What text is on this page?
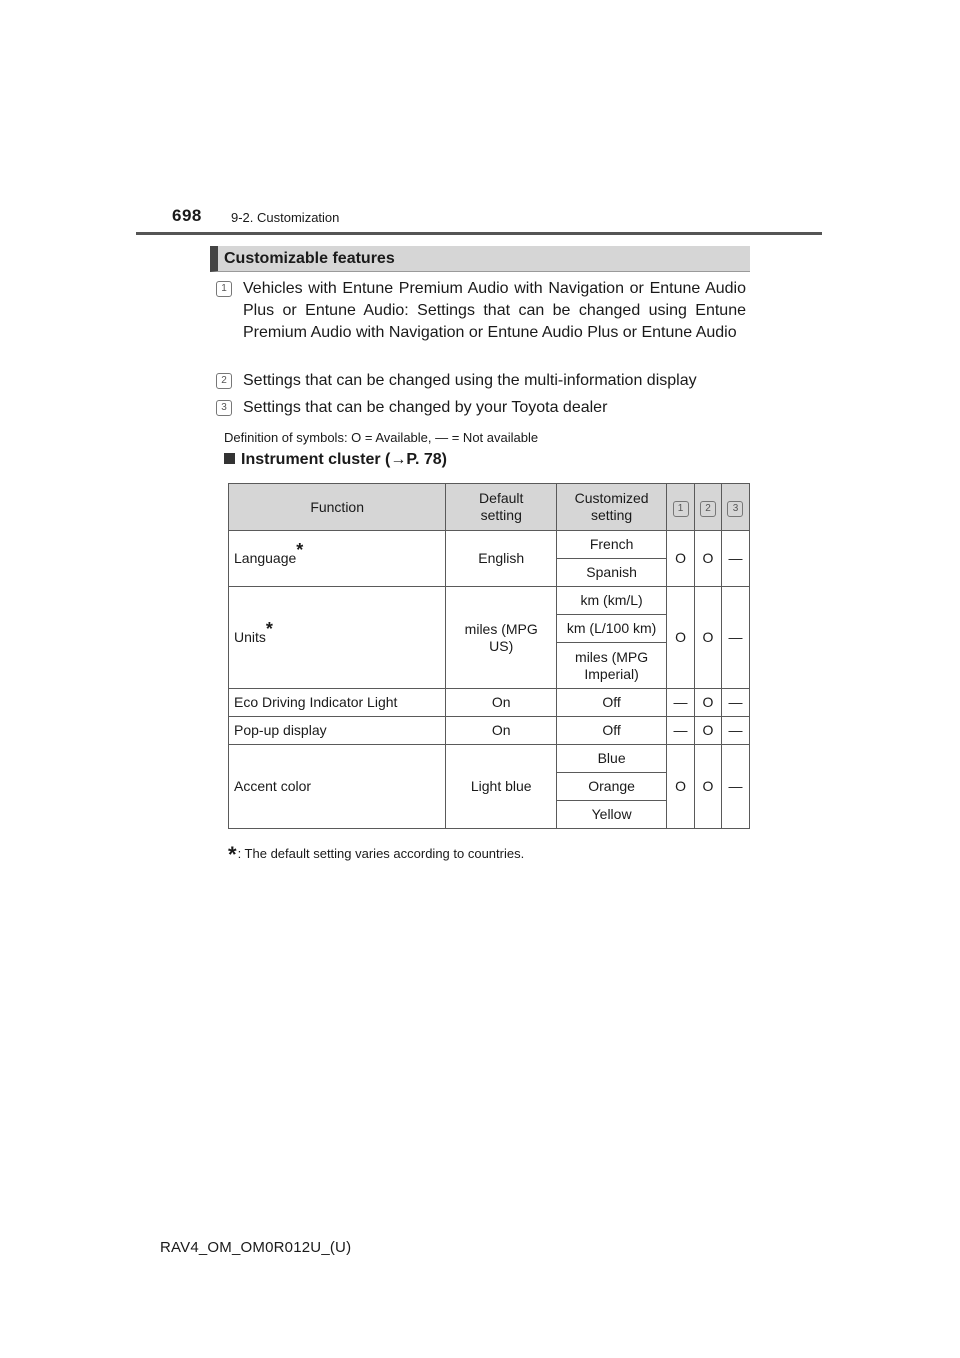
698 9-2. Customization
Customizable features
1	Vehicles with Entune Premium Audio with Navigation or Entune Audio Plus or Entune Audio: Settings that can be changed using Entune Premium Audio with Navigation or Entune Audio Plus or Entune Audio
2	Settings that can be changed using the multi-information display
3	Settings that can be changed by your Toyota dealer
Definition of symbols: O = Available, — = Not available
Instrument cluster (→P. 78)
Function	Default setting	Customized setting	1	2	3
Language*	English	French	O	O	—
		Spanish			
Units*	miles (MPG US)	km (km/L)	O	O	—
		km (L/100 km)			
		miles (MPG Imperial)			
Eco Driving Indicator Light	On	Off	—	O	—
Pop-up display	On	Off	—	O	—
Accent color	Light blue	Blue	O	O	—
		Orange			
		Yellow			
*: The default setting varies according to countries.
RAV4_OM_OM0R012U_(U)
